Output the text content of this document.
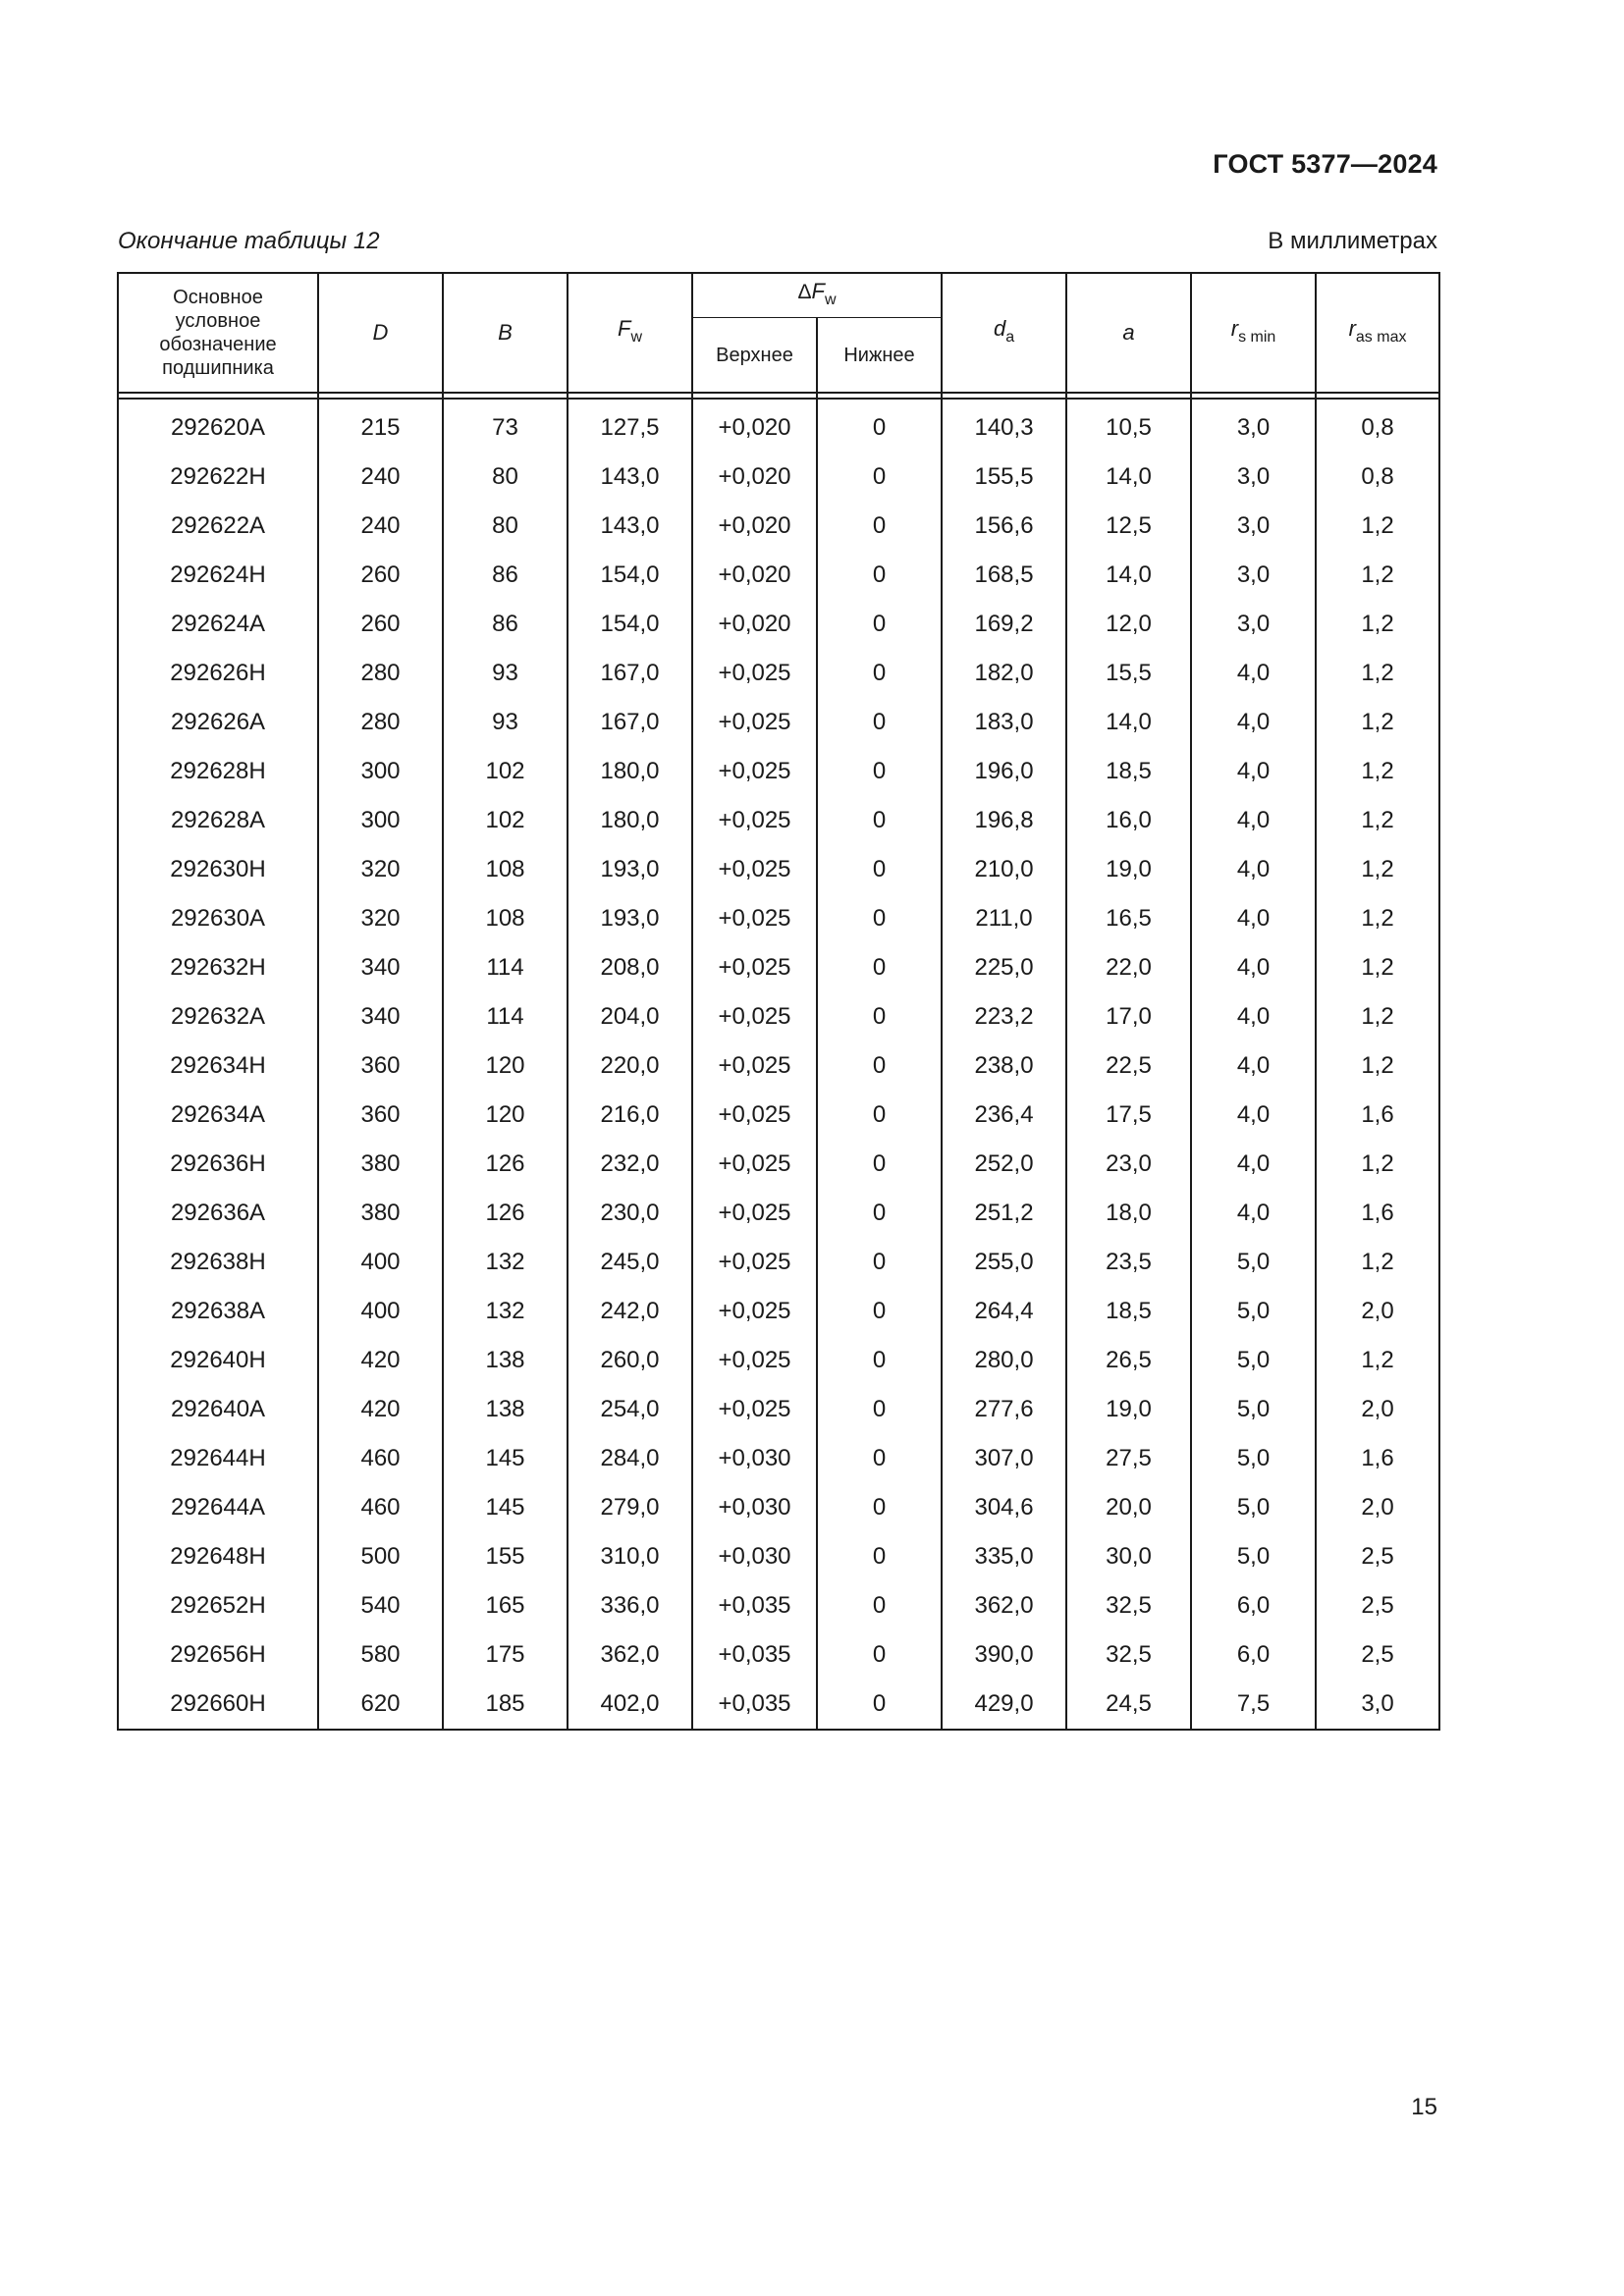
ГОСТ 5377—2024
Окончание таблицы 12	В миллиметрах
Основное условное обозначение подшипника	D	B	$F_w$	$\Delta F_w$		$d_a$	a	$r_{s min}$	$r_{as max}$
				Верхнее	Нижнее				

292620А	215	73	127,5	+0,020	0	140,3	10,5	3,0	0,8
292622Н	240	80	143,0	+0,020	0	155,5	14,0	3,0	0,8
292622А	240	80	143,0	+0,020	0	156,6	12,5	3,0	1,2
292624Н	260	86	154,0	+0,020	0	168,5	14,0	3,0	1,2
292624А	260	86	154,0	+0,020	0	169,2	12,0	3,0	1,2
292626Н	280	93	167,0	+0,025	0	182,0	15,5	4,0	1,2
292626А	280	93	167,0	+0,025	0	183,0	14,0	4,0	1,2
292628Н	300	102	180,0	+0,025	0	196,0	18,5	4,0	1,2
292628А	300	102	180,0	+0,025	0	196,8	16,0	4,0	1,2
292630Н	320	108	193,0	+0,025	0	210,0	19,0	4,0	1,2
292630А	320	108	193,0	+0,025	0	211,0	16,5	4,0	1,2
292632Н	340	114	208,0	+0,025	0	225,0	22,0	4,0	1,2
292632А	340	114	204,0	+0,025	0	223,2	17,0	4,0	1,2
292634Н	360	120	220,0	+0,025	0	238,0	22,5	4,0	1,2
292634А	360	120	216,0	+0,025	0	236,4	17,5	4,0	1,6
292636Н	380	126	232,0	+0,025	0	252,0	23,0	4,0	1,2
292636А	380	126	230,0	+0,025	0	251,2	18,0	4,0	1,6
292638Н	400	132	245,0	+0,025	0	255,0	23,5	5,0	1,2
292638А	400	132	242,0	+0,025	0	264,4	18,5	5,0	2,0
292640Н	420	138	260,0	+0,025	0	280,0	26,5	5,0	1,2
292640А	420	138	254,0	+0,025	0	277,6	19,0	5,0	2,0
292644Н	460	145	284,0	+0,030	0	307,0	27,5	5,0	1,6
292644А	460	145	279,0	+0,030	0	304,6	20,0	5,0	2,0
292648Н	500	155	310,0	+0,030	0	335,0	30,0	5,0	2,5
292652Н	540	165	336,0	+0,035	0	362,0	32,5	6,0	2,5
292656Н	580	175	362,0	+0,035	0	390,0	32,5	6,0	2,5
292660Н	620	185	402,0	+0,035	0	429,0	24,5	7,5	3,0
15
